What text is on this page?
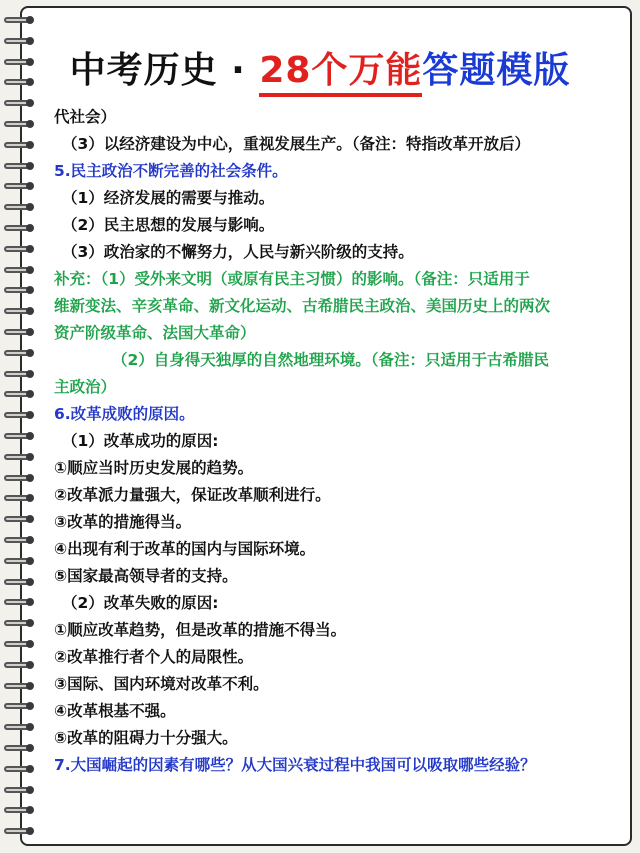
中考历史 · 28个万能答题模版
代社会）
（3）以经济建设为中心，重视发展生产。（备注：特指改革开放后）
5.民主政治不断完善的社会条件。
（1）经济发展的需要与推动。
（2）民主思想的发展与影响。
（3）政治家的不懈努力，人民与新兴阶级的支持。
补充：（1）受外来文明（或原有民主习惯）的影响。（备注：只适用于
维新变法、辛亥革命、新文化运动、古希腊民主政治、美国历史上的两次
资产阶级革命、法国大革命）
（2）自身得天独厚的自然地理环境。（备注：只适用于古希腊民
主政治）
6.改革成败的原因。
（1）改革成功的原因:
①顺应当时历史发展的趋势。
②改革派力量强大，保证改革顺利进行。
③改革的措施得当。
④出现有利于改革的国内与国际环境。
⑤国家最高领导者的支持。
（2）改革失败的原因:
①顺应改革趋势，但是改革的措施不得当。
②改革推行者个人的局限性。
③国际、国内环境对改革不利。
④改革根基不强。
⑤改革的阻碍力十分强大。
7.大国崛起的因素有哪些？从大国兴衰过程中我国可以吸取哪些经验？
